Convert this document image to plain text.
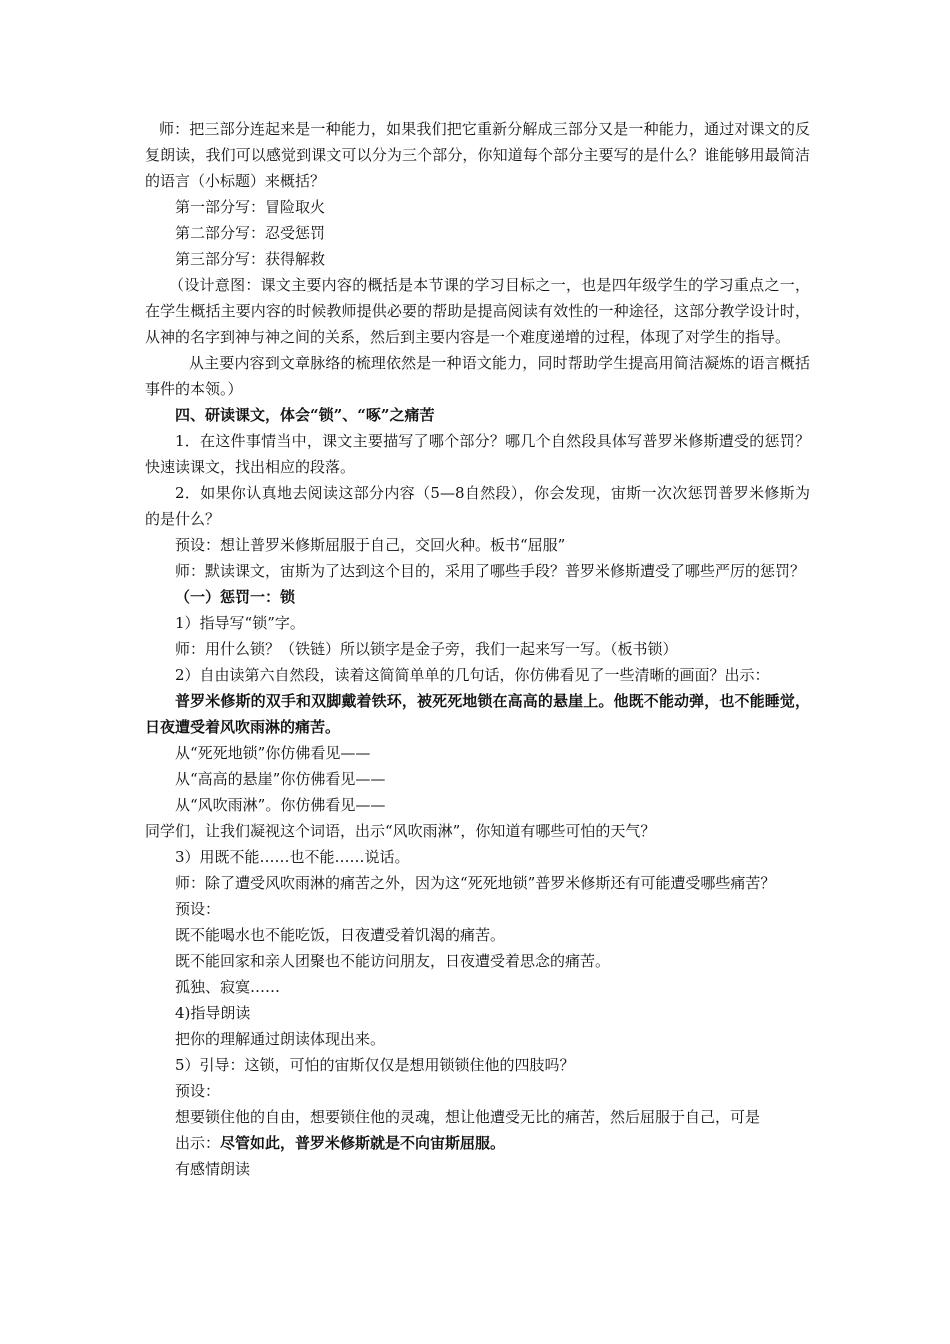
师：把三部分连起来是一种能力，如果我们把它重新分解成三部分又是一种能力，通过对课文的反复朗读，我们可以感觉到课文可以分为三个部分，你知道每个部分主要写的是什么？谁能够用最简洁的语言（小标题）来概括？

第一部分写：冒险取火

第二部分写：忍受惩罚

第三部分写：获得解救

（设计意图：课文主要内容的概括是本节课的学习目标之一，也是四年级学生的学习重点之一，在学生概括主要内容的时候教师提供必要的帮助是提高阅读有效性的一种途径，这部分教学设计时，从神的名字到神与神之间的关系，然后到主要内容是一个难度递增的过程，体现了对学生的指导。

从主要内容到文章脉络的梳理依然是一种语文能力，同时帮助学生提高用简洁凝炼的语言概括事件的本领。）

四、研读课文，体会“锁”、“啄”之痛苦

1．在这件事情当中，课文主要描写了哪个部分？哪几个自然段具体写普罗米修斯遭受的惩罚？快速读课文，找出相应的段落。

2．如果你认真地去阅读这部分内容（5—8自然段），你会发现，宙斯一次次惩罚普罗米修斯为的是什么？

预设：想让普罗米修斯屈服于自己，交回火种。板书“屈服”

师：默读课文，宙斯为了达到这个目的，采用了哪些手段？普罗米修斯遭受了哪些严厉的惩罚？

（一）惩罚一：锁

1）指导写“锁”字。

师：用什么锁？（铁链）所以锁字是金子旁，我们一起来写一写。（板书锁）

2）自由读第六自然段，读着这简简单单的几句话，你仿佛看见了一些清晰的画面？出示：

普罗米修斯的双手和双脚戴着铁环，被死死地锁在高高的悬崖上。他既不能动弹，也不能睡觉，日夜遭受着风吹雨淋的痛苦。

从“死死地锁”你仿佛看见——

从“高高的悬崖”你仿佛看见——

从“风吹雨淋”。你仿佛看见——

同学们，让我们凝视这个词语，出示“风吹雨淋”，你知道有哪些可怕的天气？

3）用既不能……也不能……说话。

师：除了遭受风吹雨淋的痛苦之外，因为这“死死地锁”普罗米修斯还有可能遭受哪些痛苦？

预设：

既不能喝水也不能吃饭，日夜遭受着饥渴的痛苦。

既不能回家和亲人团聚也不能访问朋友，日夜遭受着思念的痛苦。

孤独、寂寞……

4)指导朗读

把你的理解通过朗读体现出来。

5）引导：这锁，可怕的宙斯仅仅是想用锁锁住他的四肢吗？

预设：

想要锁住他的自由，想要锁住他的灵魂，想让他遭受无比的痛苦，然后屈服于自己，可是

出示：尽管如此，普罗米修斯就是不向宙斯屈服。

有感情朗读
